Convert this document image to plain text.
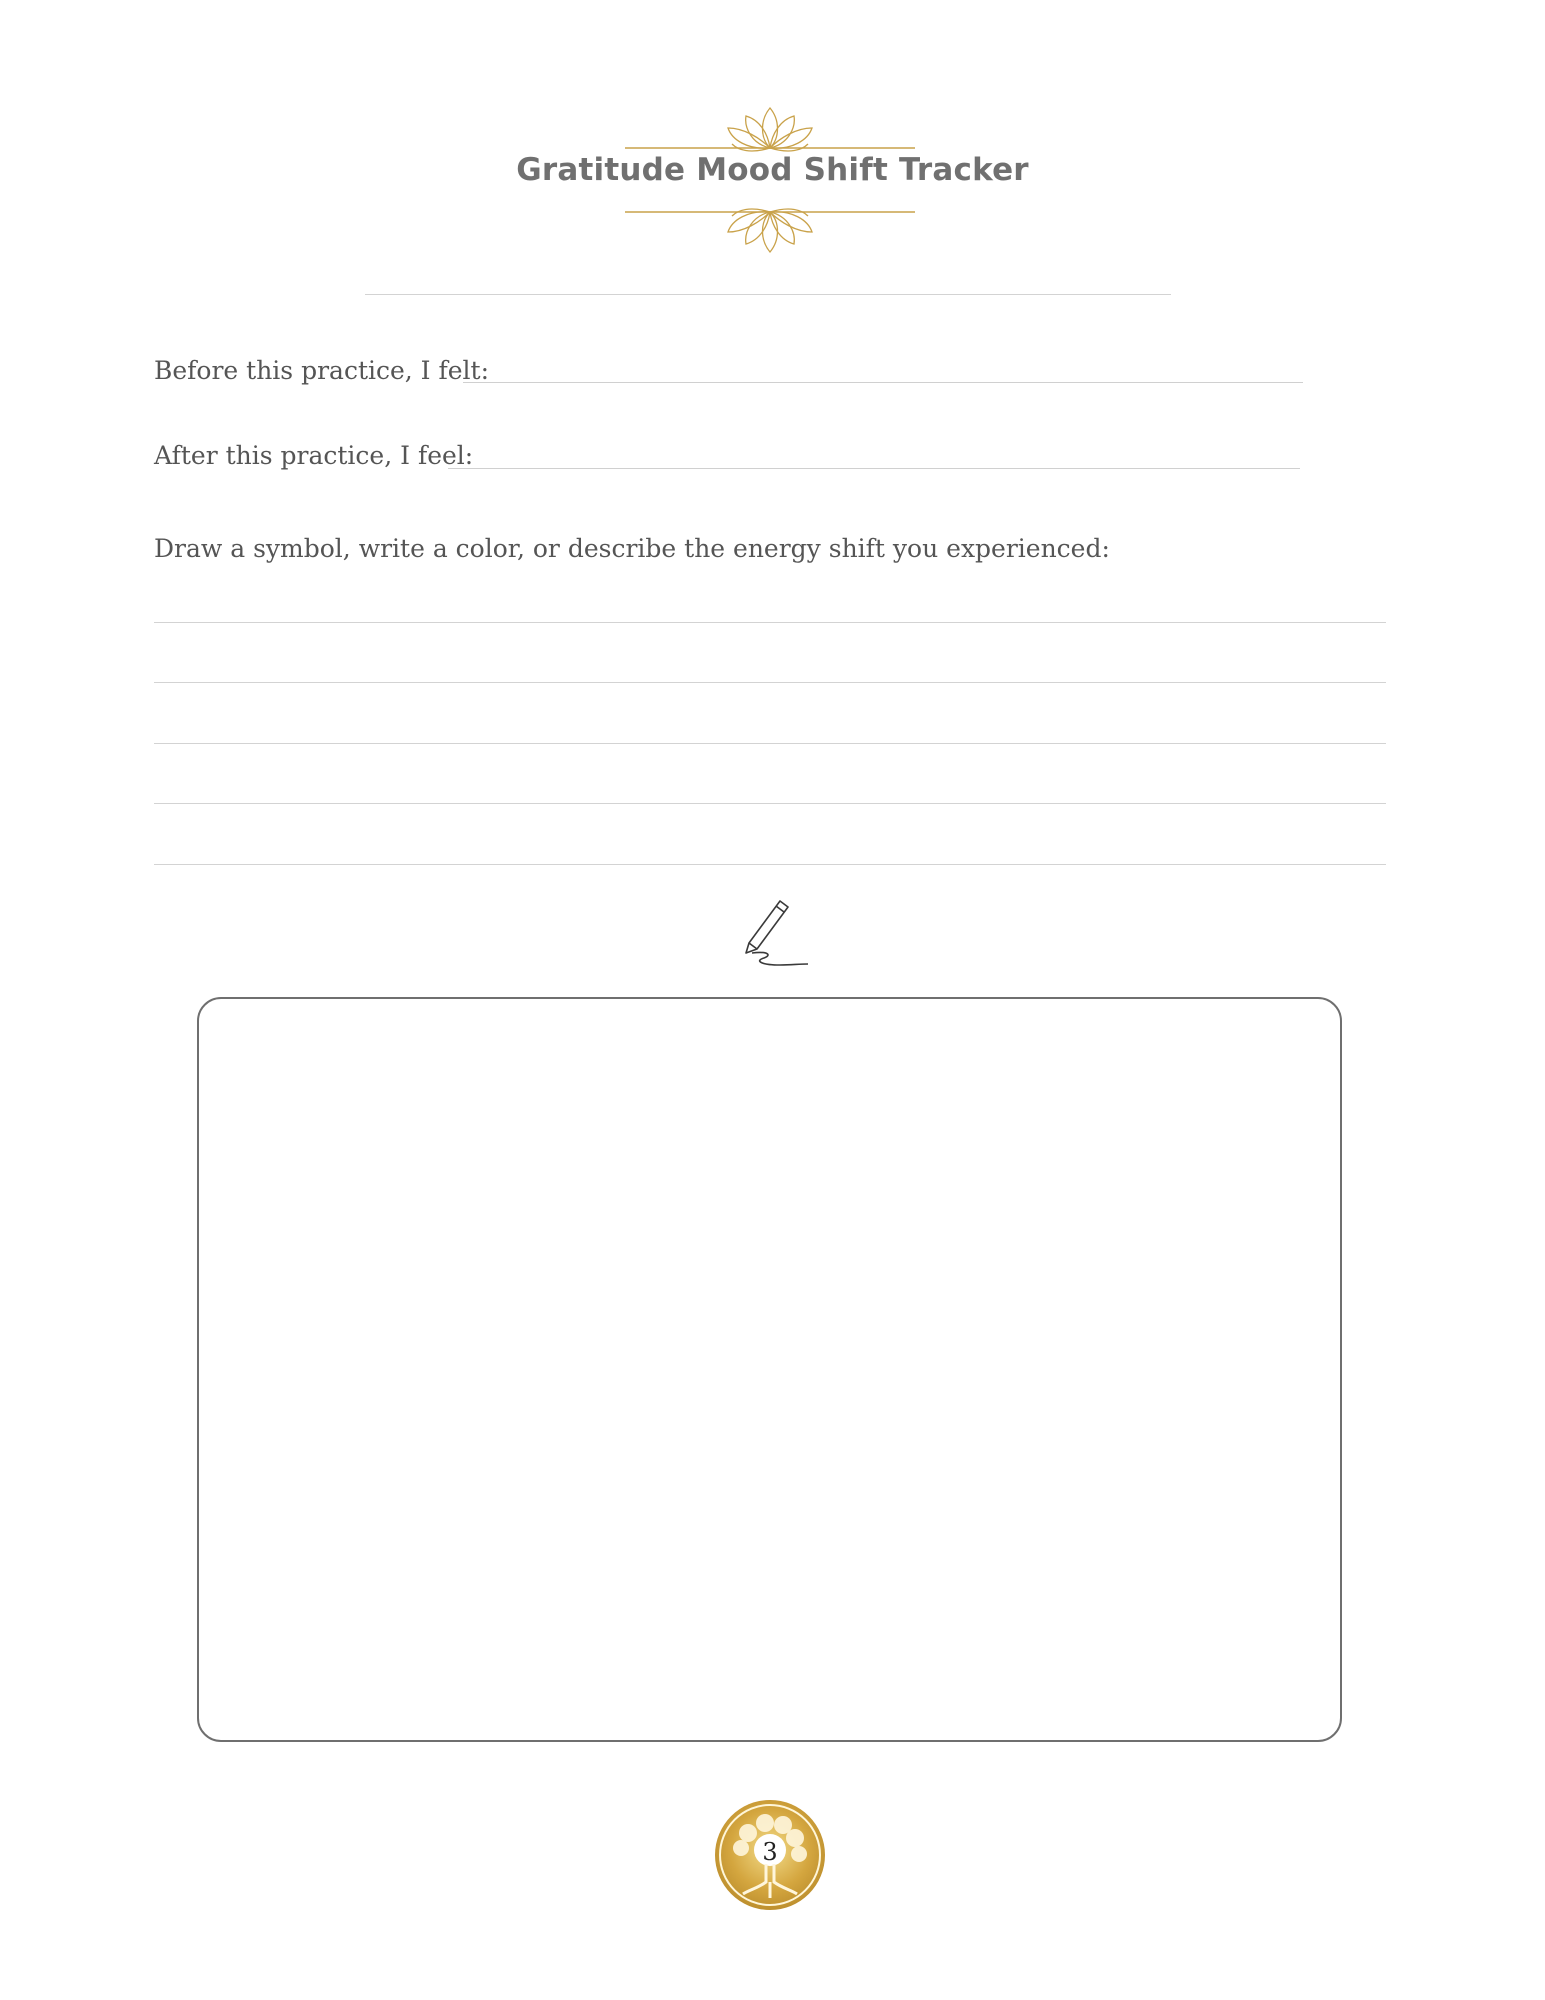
Gratitude Mood Shift Tracker
Before this practice, I felt:
After this practice, I feel:
Draw a symbol, write a color, or describe the energy shift you experienced:
3
